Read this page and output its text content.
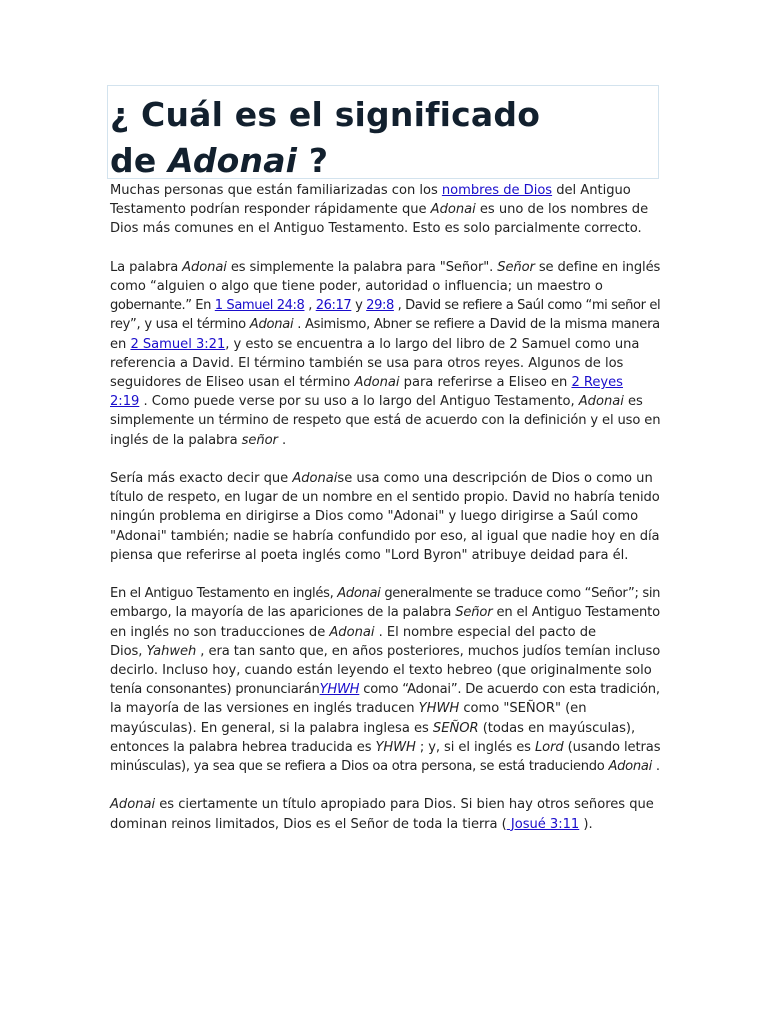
¿ Cuál es el significado
de Adonai ?

Muchas personas que están familiarizadas con los nombres de Dios del Antiguo
Testamento podrían responder rápidamente que Adonai es uno de los nombres de
Dios más comunes en el Antiguo Testamento. Esto es solo parcialmente correcto.

La palabra Adonai es simplemente la palabra para "Señor". Señor se define en inglés
como “alguien o algo que tiene poder, autoridad o influencia; un maestro o
gobernante.” En 1 Samuel 24:8 , 26:17 y 29:8 , David se refiere a Saúl como “mi señor el
rey”, y usa el término Adonai . Asimismo, Abner se refiere a David de la misma manera
en 2 Samuel 3:21, y esto se encuentra a lo largo del libro de 2 Samuel como una
referencia a David. El término también se usa para otros reyes. Algunos de los
seguidores de Eliseo usan el término Adonai para referirse a Eliseo en 2 Reyes
2:19 . Como puede verse por su uso a lo largo del Antiguo Testamento, Adonai es
simplemente un término de respeto que está de acuerdo con la definición y el uso en
inglés de la palabra señor .

Sería más exacto decir que Adonaise usa como una descripción de Dios o como un
título de respeto, en lugar de un nombre en el sentido propio. David no habría tenido
ningún problema en dirigirse a Dios como "Adonai" y luego dirigirse a Saúl como
"Adonai" también; nadie se habría confundido por eso, al igual que nadie hoy en día
piensa que referirse al poeta inglés como "Lord Byron" atribuye deidad para él.

En el Antiguo Testamento en inglés, Adonai generalmente se traduce como “Señor”; sin
embargo, la mayoría de las apariciones de la palabra Señor en el Antiguo Testamento
en inglés no son traducciones de Adonai . El nombre especial del pacto de
Dios, Yahweh , era tan santo que, en años posteriores, muchos judíos temían incluso
decirlo. Incluso hoy, cuando están leyendo el texto hebreo (que originalmente solo
tenía consonantes) pronunciaránYHWH como “Adonai”. De acuerdo con esta tradición,
la mayoría de las versiones en inglés traducen YHWH como "SEÑOR" (en
mayúsculas). En general, si la palabra inglesa es SEÑOR (todas en mayúsculas),
entonces la palabra hebrea traducida es YHWH ; y, si el inglés es Lord (usando letras
minúsculas), ya sea que se refiera a Dios oa otra persona, se está traduciendo Adonai .

Adonai es ciertamente un título apropiado para Dios. Si bien hay otros señores que
dominan reinos limitados, Dios es el Señor de toda la tierra ( Josué 3:11 ).
